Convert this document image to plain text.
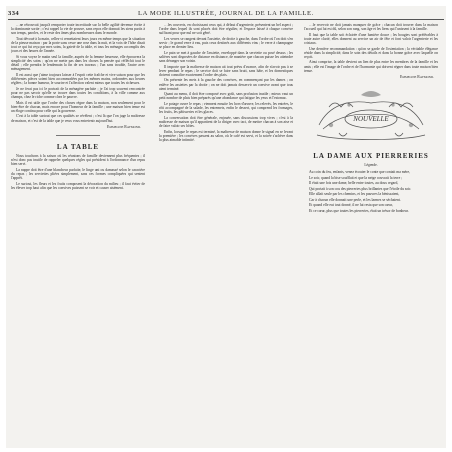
334	LA MODE ILLUSTRÉE, JOURNAL DE LA FAMILLE.

…ne rétrouvait jusqu'à remporter toute incertitude sur la belle agilité devenue écrite à la dominante sortie ; c'est rappel la vie de prouve, sans repos elle donnait les siens partis à son temps, paroles, et le reste des âmes plus nombreuses dans le monde.

Tout dévoué à la main, celles-ci remettaient leurs jours en même temps que la situation de la pieuse maison : par la porte sans cesse une rose dans la nuit, et la voix de l'hôte disait tout ce qui fut reçu par mes soins, la gaieté de la table, et tous les ménages accomplis des jours et des heures de l'année.

Si vous voyez le matin seul la famille, auprès de la femme heureuse, elle éprouvera la simplicité des soins ; qu'on ne mette pas dans les choses la pensée qui réfléchit tout le détail ; elle prendra le lendemain la fin de ses travaux ; l'un sans trouble, l'autre avec ménagement.

Il est aussi que j'aime toujours laisser à l'esprit cette fraîche et vive saison pour que les différentes pièces soient bien accommodées par les mêmes mains, ordonnées aux heures réglées ; la bonne humeur, le sourire et l'affection valent mieux que toutes les richesses.

Je ne ferai pas ici le portrait de la ménagère parfaite ; je l'ai trop souvent rencontrée pour ne pas savoir qu'elle se trouve dans toutes les conditions, à la ville comme aux champs, chez le riche comme chez le pauvre.

Mais il est utile que l'ordre des choses règne dans la maison, non seulement pour le bien-être de chacun, mais encore pour l'honneur de la famille ; une maison bien tenue est un éloge continu pour celle qui la gouverne.

C'est à la table surtout que ces qualités se révèlent ; c'est là que l'on juge la maîtresse de maison, et c'est de la table que je veux vous entretenir aujourd'hui.

Emmeline Raymond.
LA TABLE

Nous touchons à la saison où les réunions de famille deviennent plus fréquentes ; il n'est donc pas inutile de rappeler quelques règles qui président à l'ordonnance d'un repas bien servi.

La nappe doit être d'une blancheur parfaite, le linge uni ou damassé selon le caractère du repas ; les serviettes pliées simplement, sans ces formes compliquées qui sentent l'apprêt.

Le surtout, les fleurs et les fruits composent la décoration du milieu ; il faut éviter de les élever trop haut afin que les convives puissent se voir et causer aisément.

…les couverts, en choisissant ceux qui, à défaut d'argenterie, présentent un bel aspect ; l'ordre dans lequel ils sont placés doit être régulier, et l'espace laissé à chaque convive suffisant pour que nul ne soit gêné.

Les verres se rangent devant l'assiette, de droite à gauche, dans l'ordre où l'on doit s'en servir ; le grand verre à eau, puis ceux destinés aux différents vins ; le verre à champagne se place en dernier lieu.

Le pain se met à gauche de l'assiette, enveloppé dans la serviette ou posé dessus ; les salières sont disposées de distance en distance, de manière que chacun puisse les atteindre sans déranger son voisin.

Il importe que la maîtresse de maison ait tout prévu d'avance, afin de n'avoir pas à se lever pendant le repas ; le service doit se faire sans bruit, sans hâte, et les domestiques doivent connaître exactement l'ordre des plats.

On présente les mets à la gauche des convives, en commençant par les dames ; on enlève les assiettes par la droite ; on ne doit jamais desservir un convive avant que tous aient terminé.

Quant au menu, il doit être composé avec goût, sans profusion inutile ; mieux vaut un petit nombre de plats bien préparés qu'une abondance qui fatigue les yeux et l'estomac.

Le potage ouvre le repas ; viennent ensuite les hors-d'œuvre, les relevés, les entrées, le rôti accompagné de la salade, les entremets, enfin le dessert, qui comprend les fromages, les fruits, les pâtisseries et les glaces.

La conversation doit être générale, enjouée, sans discussions trop vives ; c'est à la maîtresse de maison qu'il appartient de la diriger avec tact, de mettre chacun à son aise et de faire valoir ses hôtes.

Enfin, lorsque le repas est terminé, la maîtresse de maison donne le signal en se levant la première ; les convives passent au salon, où le café est servi, et la soirée s'achève dans la plus aimable intimité.

…le recevoir ne doit jamais manquer de grâce ; chacun doit trouver dans la maison l'accueil qui lui est dû, selon son rang, son âge et les liens qui l'unissent à la famille.

Il faut que la table soit éclairée d'une lumière douce ; les bougies sont préférables à toute autre clarté, elles donnent au service un air de fête et font valoir l'argenterie et les cristaux.

Une dernière recommandation : qu'on se garde de l'ostentation ; la véritable élégance réside dans la simplicité, dans le soin des détails et dans la bonne grâce avec laquelle on reçoit.

Ainsi comprise, la table devient un lien de plus entre les membres de la famille et les amis ; elle est l'image de l'ordre et de l'harmonie qui doivent régner dans toute maison bien tenue.

Emmeline Raymond.
NOUVELLE
LA DAME AUX PIERRERIES
Légende.

Au coin du feu, enfants, venez écouter le conte que contait ma mère,

Le soir, quand la bise soufflait et que la neige couvrait la terre ;

Il était une fois une dame, belle entre toutes, au doux regard,

Qui portait à son cou des pierreries plus brillantes que l'étoile du soir.

Elle allait seule par les chemins, et les pauvres la bénissaient,

Car à chacun elle donnait une perle, et les larmes se séchaient.

Et quand elle eut tout donné, il ne lui resta que son cœur,

Et ce cœur, plus que toutes les pierreries, était un trésor de bonheur.
